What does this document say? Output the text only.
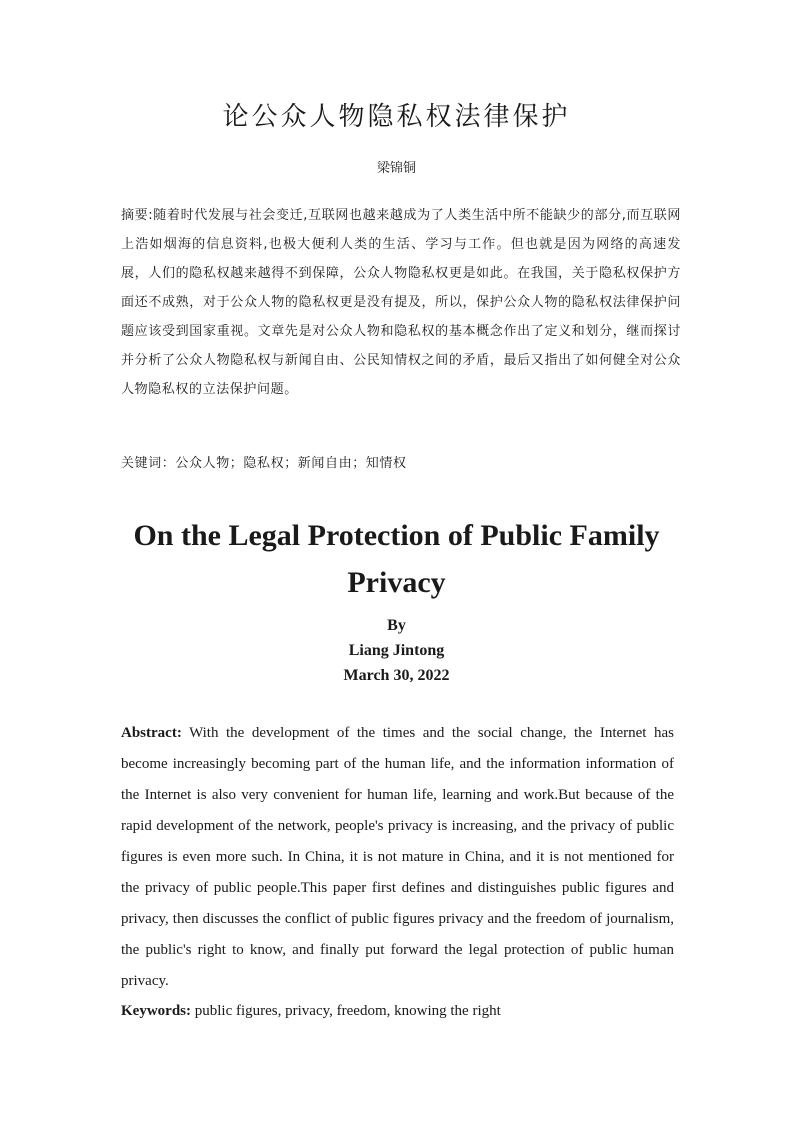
论公众人物隐私权法律保护
梁锦铜

摘要:随着时代发展与社会变迁,互联网也越来越成为了人类生活中所不能缺少的部分,而互联网上浩如烟海的信息资料,也极大便利人类的生活、学习与工作。但也就是因为网络的高速发展，人们的隐私权越来越得不到保障，公众人物隐私权更是如此。在我国，关于隐私权保护方面还不成熟，对于公众人物的隐私权更是没有提及，所以，保护公众人物的隐私权法律保护问题应该受到国家重视。文章先是对公众人物和隐私权的基本概念作出了定义和划分，继而探讨并分析了公众人物隐私权与新闻自由、公民知情权之间的矛盾，最后又指出了如何健全对公众人物隐私权的立法保护问题。

关键词：公众人物；隐私权；新闻自由；知情权
On the Legal Protection of Public Family Privacy
By
Liang Jintong
March 30, 2022

Abstract: With the development of the times and the social change, the Internet has become increasingly becoming part of the human life, and the information information of the Internet is also very convenient for human life, learning and work.But because of the rapid development of the network, people's privacy is increasing, and the privacy of public figures is even more such. In China, it is not mature in China, and it is not mentioned for the privacy of public people.This paper first defines and distinguishes public figures and privacy, then discusses the conflict of public figures privacy and the freedom of journalism, the public's right to know, and finally put forward the legal protection of public human privacy.

Keywords: public figures, privacy, freedom, knowing the right
